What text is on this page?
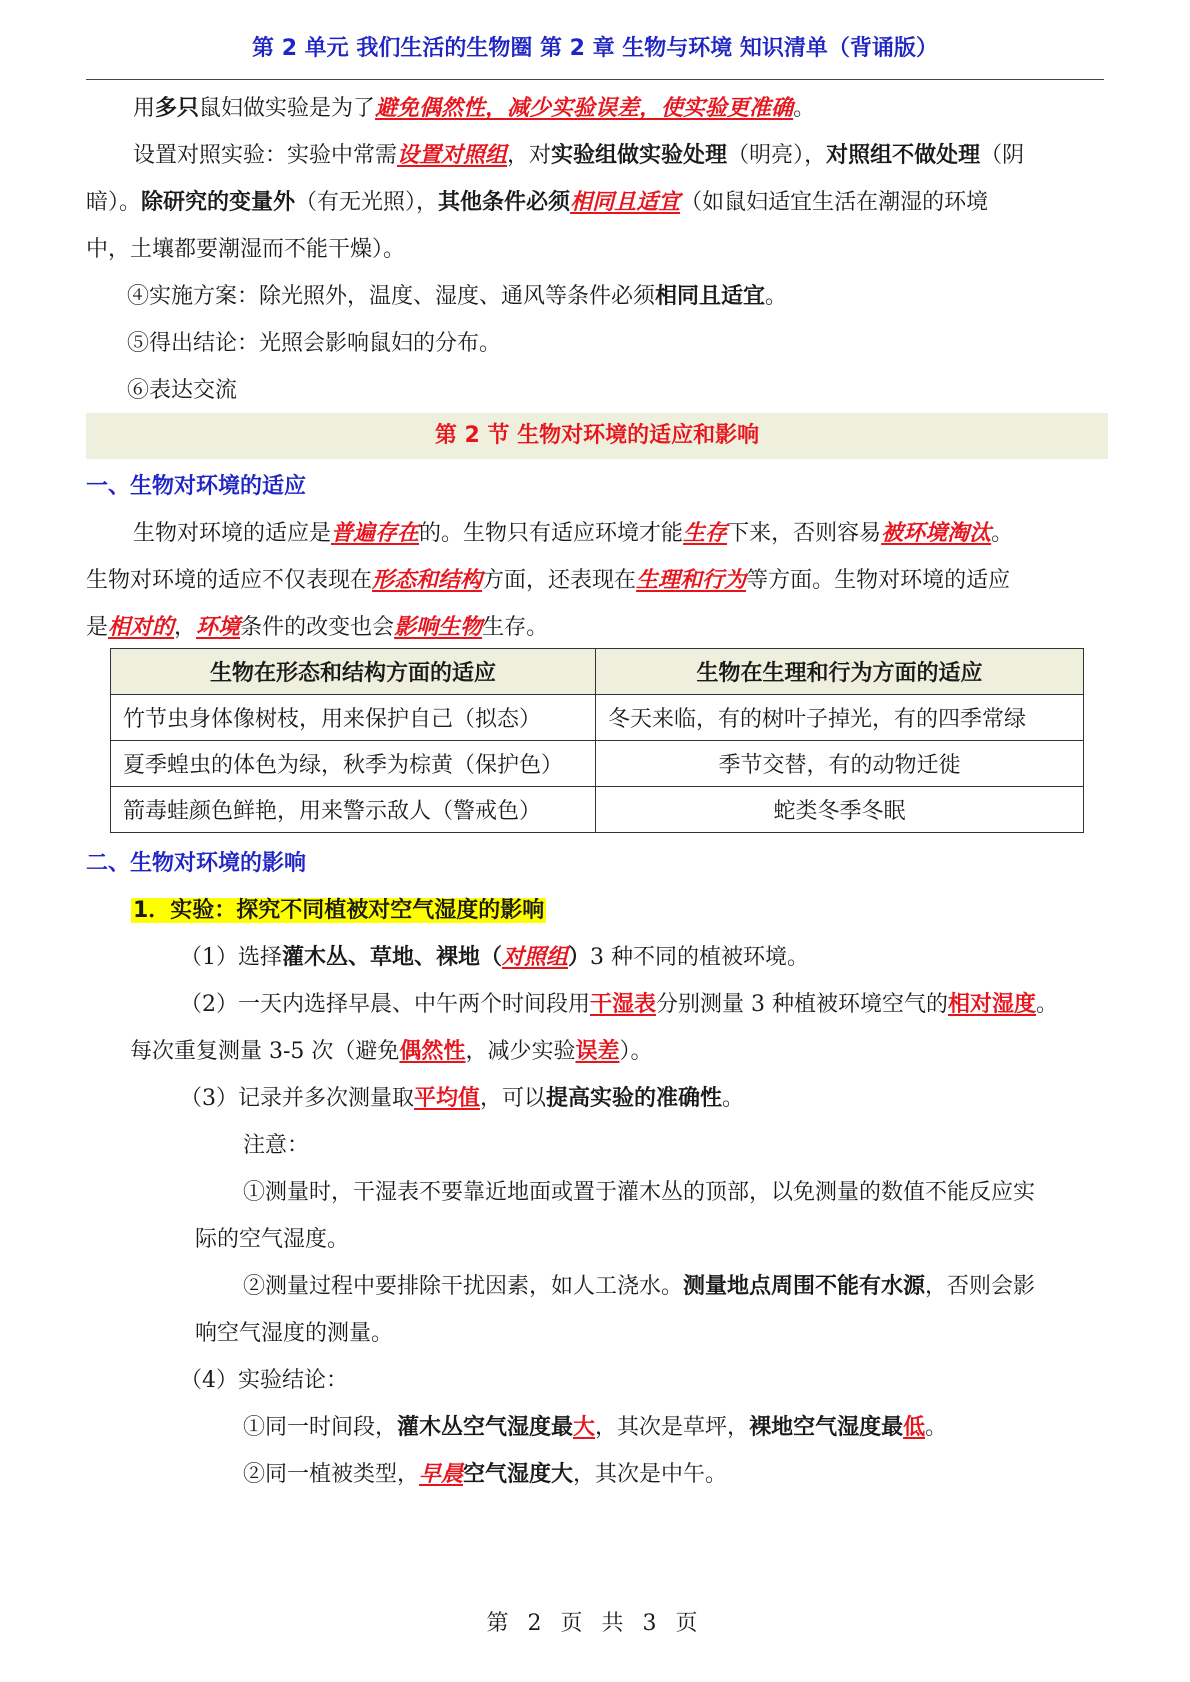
第 2 单元 我们生活的生物圈 第 2 章 生物与环境 知识清单（背诵版）
用多只鼠妇做实验是为了避免偶然性，减少实验误差，使实验更准确。
设置对照实验：实验中常需设置对照组，对实验组做实验处理（明亮），对照组不做处理（阴
暗）。除研究的变量外（有无光照），其他条件必须相同且适宜（如鼠妇适宜生活在潮湿的环境
中，土壤都要潮湿而不能干燥）。
④实施方案：除光照外，温度、湿度、通风等条件必须相同且适宜。
⑤得出结论：光照会影响鼠妇的分布。
⑥表达交流
第 2 节 生物对环境的适应和影响
一、生物对环境的适应
生物对环境的适应是普遍存在的。生物只有适应环境才能生存下来，否则容易被环境淘汰。
生物对环境的适应不仅表现在形态和结构方面，还表现在生理和行为等方面。生物对环境的适应
是相对的，环境条件的改变也会影响生物生存。
生物在形态和结构方面的适应	生物在生理和行为方面的适应
竹节虫身体像树枝，用来保护自己（拟态）	冬天来临，有的树叶子掉光，有的四季常绿
夏季蝗虫的体色为绿，秋季为棕黄（保护色）	季节交替，有的动物迁徙
箭毒蛙颜色鲜艳，用来警示敌人（警戒色）	蛇类冬季冬眠
二、生物对环境的影响
1．实验：探究不同植被对空气湿度的影响
（1）选择灌木丛、草地、裸地（对照组）3 种不同的植被环境。
（2）一天内选择早晨、中午两个时间段用干湿表分别测量 3 种植被环境空气的相对湿度。
每次重复测量 3-5 次（避免偶然性，减少实验误差）。
（3）记录并多次测量取平均值，可以提高实验的准确性。
注意：
①测量时，干湿表不要靠近地面或置于灌木丛的顶部，以免测量的数值不能反应实
际的空气湿度。
②测量过程中要排除干扰因素，如人工浇水。测量地点周围不能有水源，否则会影
响空气湿度的测量。
（4）实验结论：
①同一时间段，灌木丛空气湿度最大，其次是草坪，裸地空气湿度最低。
②同一植被类型，早晨空气湿度大，其次是中午。
第 2 页 共 3 页
